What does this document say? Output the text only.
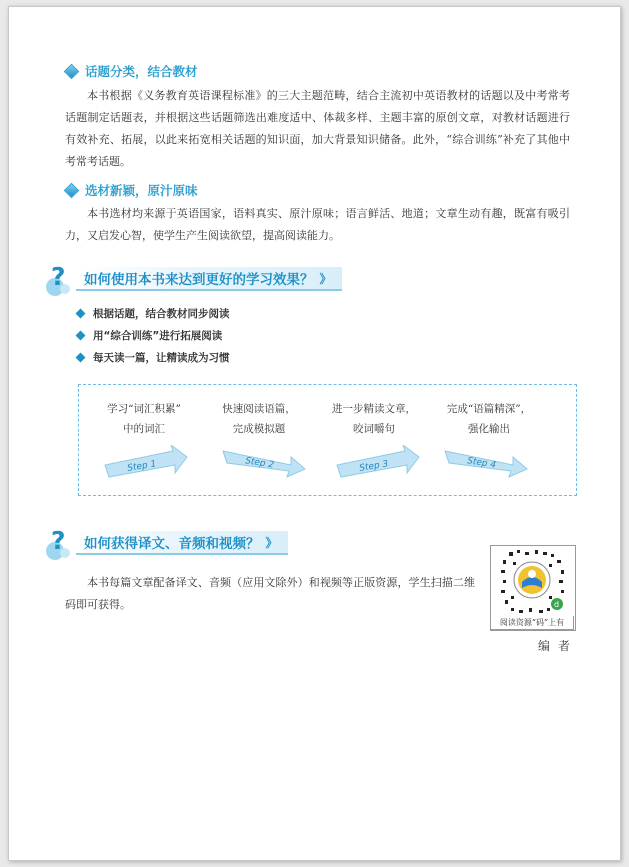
话题分类，结合教材
本书根据《义务教育英语课程标准》的三大主题范畴，结合主流初中英语教材的话题以及中考常考话题制定话题表，并根据这些话题筛选出难度适中、体裁多样、主题丰富的原创文章，对教材话题进行有效补充、拓展，以此来拓宽相关话题的知识面，加大背景知识储备。此外，“综合训练”补充了其他中考常考话题。
选材新颖，原汁原味
本书选材均来源于英语国家，语料真实、原汁原味；语言鲜活、地道；文章生动有趣，既富有吸引力，又启发心智，使学生产生阅读欲望，提高阅读能力。
? 如何使用本书来达到更好的学习效果？ 》
根据话题，结合教材同步阅读
用“综合训练”进行拓展阅读
每天读一篇，让精读成为习惯
学习“词汇积累”
中的词汇
快速阅读语篇，
完成模拟题
进一步精读文章，
咬词嚼句
完成“语篇精深”，
强化输出
Step 1	Step 2	Step 3	Step 4
? 如何获得译文、音频和视频？ 》
本书每篇文章配备译文、音频（应用文除外）和视频等正版资源，学生扫描二维码即可获得。	d
阅读资源“码”上有
编者
